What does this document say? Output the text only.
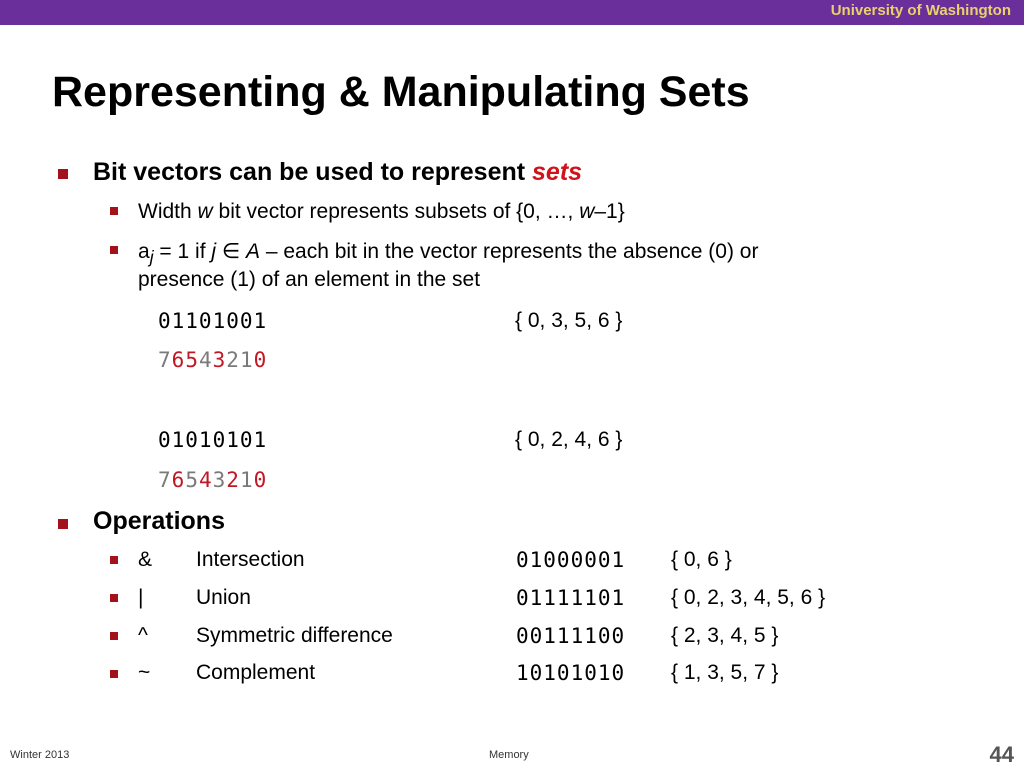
University of Washington
Representing & Manipulating Sets
Bit vectors can be used to represent sets
Width w bit vector represents subsets of {0, …, w–1}
$a_j = 1$ if j ∈ A – each bit in the vector represents the absence (0) or
presence (1) of an element in the set
01101001	{ 0, 3, 5, 6 }
76543210
01010101	{ 0, 2, 4, 6 }
76543210
Operations
& Intersection	01000001 { 0, 6 }
|	Union	01111101 { 0, 2, 3, 4, 5, 6 }
^ Symmetric difference	00111100 { 2, 3, 4, 5 }
~ Complement	10101010 { 1, 3, 5, 7 }
Winter 2013	Memory	44
